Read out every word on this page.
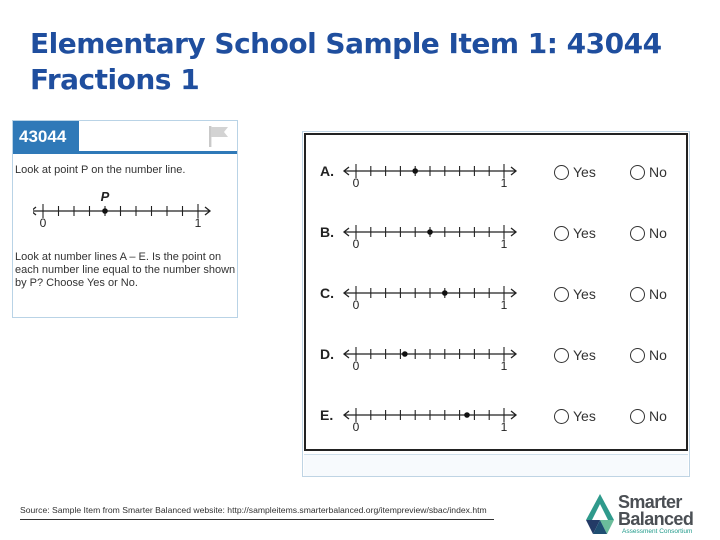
Elementary School Sample Item 1: 43044
Fractions 1
43044
Look at point P on the number line.
P
0	1
Look at number lines A – E. Is the point on each number line equal to the number shown by P? Choose Yes or No.
A.
0	1
Yes	No
B.
0	1
Yes	No
C.
0	1
Yes	No
D.
0	1
Yes	No
E.
0	1
Yes	No
Source: Sample Item from Smarter Balanced website: http://sampleitems.smarterbalanced.org/itempreview/sbac/index.htm	Smarter
Balanced
Assessment Consortium
